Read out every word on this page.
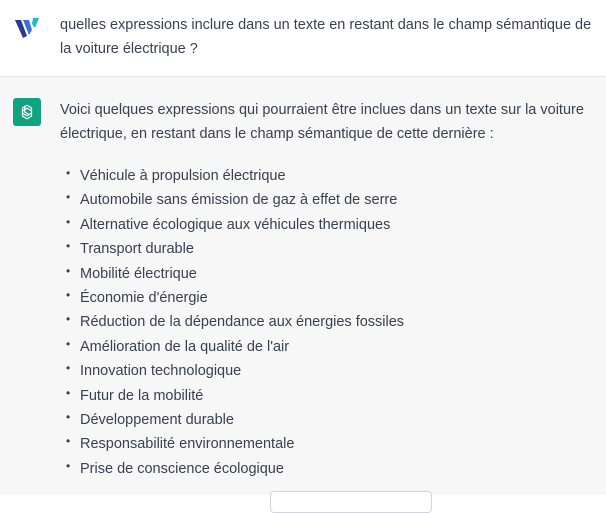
quelles expressions inclure dans un texte en restant dans le champ sémantique de la voiture électrique ?
Voici quelques expressions qui pourraient être inclues dans un texte sur la voiture électrique, en restant dans le champ sémantique de cette dernière :
• Véhicule à propulsion électrique
• Automobile sans émission de gaz à effet de serre
• Alternative écologique aux véhicules thermiques
• Transport durable
• Mobilité électrique
• Économie d'énergie
• Réduction de la dépendance aux énergies fossiles
• Amélioration de la qualité de l'air
• Innovation technologique
• Futur de la mobilité
• Développement durable
• Responsabilité environnementale
• Prise de conscience écologique
